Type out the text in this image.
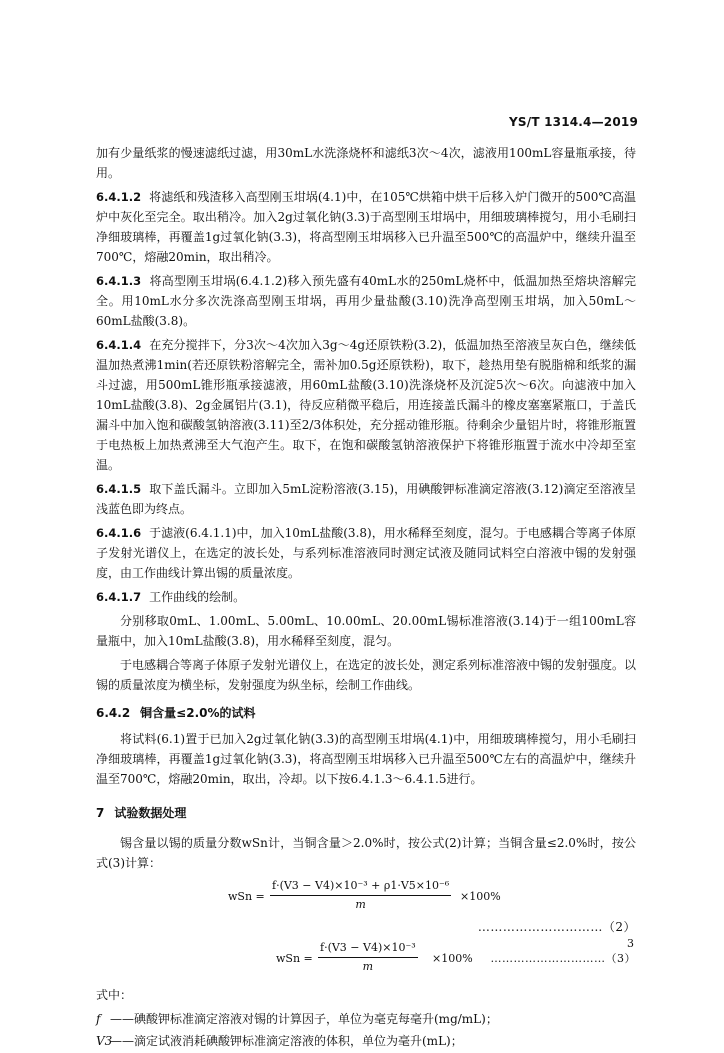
YS/T 1314.4—2019

加有少量纸浆的慢速滤纸过滤，用30mL水洗涤烧杯和滤纸3次～4次，滤液用100mL容量瓶承接，待用。

6.4.1.2 将滤纸和残渣移入高型刚玉坩埚(4.1)中，在105℃烘箱中烘干后移入炉门微开的500℃高温炉中灰化至完全。取出稍冷。加入2g过氧化钠(3.3)于高型刚玉坩埚中，用细玻璃棒搅匀，用小毛刷扫净细玻璃棒，再覆盖1g过氧化钠(3.3)，将高型刚玉坩埚移入已升温至500℃的高温炉中，继续升温至700℃，熔融20min，取出稍冷。

6.4.1.3 将高型刚玉坩埚(6.4.1.2)移入预先盛有40mL水的250mL烧杯中，低温加热至熔块溶解完全。用10mL水分多次洗涤高型刚玉坩埚，再用少量盐酸(3.10)洗净高型刚玉坩埚，加入50mL～60mL盐酸(3.8)。

6.4.1.4 在充分搅拌下，分3次～4次加入3g～4g还原铁粉(3.2)，低温加热至溶液呈灰白色，继续低温加热煮沸1min(若还原铁粉溶解完全，需补加0.5g还原铁粉)，取下，趁热用垫有脱脂棉和纸浆的漏斗过滤，用500mL锥形瓶承接滤液，用60mL盐酸(3.10)洗涤烧杯及沉淀5次～6次。向滤液中加入10mL盐酸(3.8)、2g金属铝片(3.1)，待反应稍微平稳后，用连接盖氏漏斗的橡皮塞塞紧瓶口，于盖氏漏斗中加入饱和碳酸氢钠溶液(3.11)至2/3体积处，充分摇动锥形瓶。待剩余少量铝片时，将锥形瓶置于电热板上加热煮沸至大气泡产生。取下，在饱和碳酸氢钠溶液保护下将锥形瓶置于流水中冷却至室温。

6.4.1.5 取下盖氏漏斗。立即加入5mL淀粉溶液(3.15)，用碘酸钾标准滴定溶液(3.12)滴定至溶液呈浅蓝色即为终点。

6.4.1.6 于滤液(6.4.1.1)中，加入10mL盐酸(3.8)，用水稀释至刻度，混匀。于电感耦合等离子体原子发射光谱仪上，在选定的波长处，与系列标准溶液同时测定试液及随同试料空白溶液中锡的发射强度，由工作曲线计算出锡的质量浓度。

6.4.1.7 工作曲线的绘制。

分别移取0mL、1.00mL、5.00mL、10.00mL、20.00mL锡标准溶液(3.14)于一组100mL容量瓶中，加入10mL盐酸(3.8)，用水稀释至刻度，混匀。

于电感耦合等离子体原子发射光谱仪上，在选定的波长处，测定系列标准溶液中锡的发射强度。以锡的质量浓度为横坐标，发射强度为纵坐标，绘制工作曲线。

6.4.2 铜含量≤2.0%的试料

将试料(6.1)置于已加入2g过氧化钠(3.3)的高型刚玉坩埚(4.1)中，用细玻璃棒搅匀，用小毛刷扫净细玻璃棒，再覆盖1g过氧化钠(3.3)，将高型刚玉坩埚移入已升温至500℃左右的高温炉中，继续升温至700℃，熔融20min，取出，冷却。以下按6.4.1.3～6.4.1.5进行。

7 试验数据处理

锡含量以锡的质量分数wSn计，当铜含量＞2.0%时，按公式(2)计算；当铜含量≤2.0%时，按公式(3)计算：

wSn = $\frac{\text{f·(V3 − V4)×10⁻³ + ρ1·V5×10⁻⁶}}{m} \times 100\%$
…………………………（2）
wSn = $\frac{\text{f·(V3 − V4)×10⁻³}}{m} \times 100\%$ …………………………（3）

式中：

f ——碘酸钾标准滴定溶液对锡的计算因子，单位为毫克每毫升(mg/mL)；

V3——滴定试液消耗碘酸钾标准滴定溶液的体积，单位为毫升(mL)；

3
